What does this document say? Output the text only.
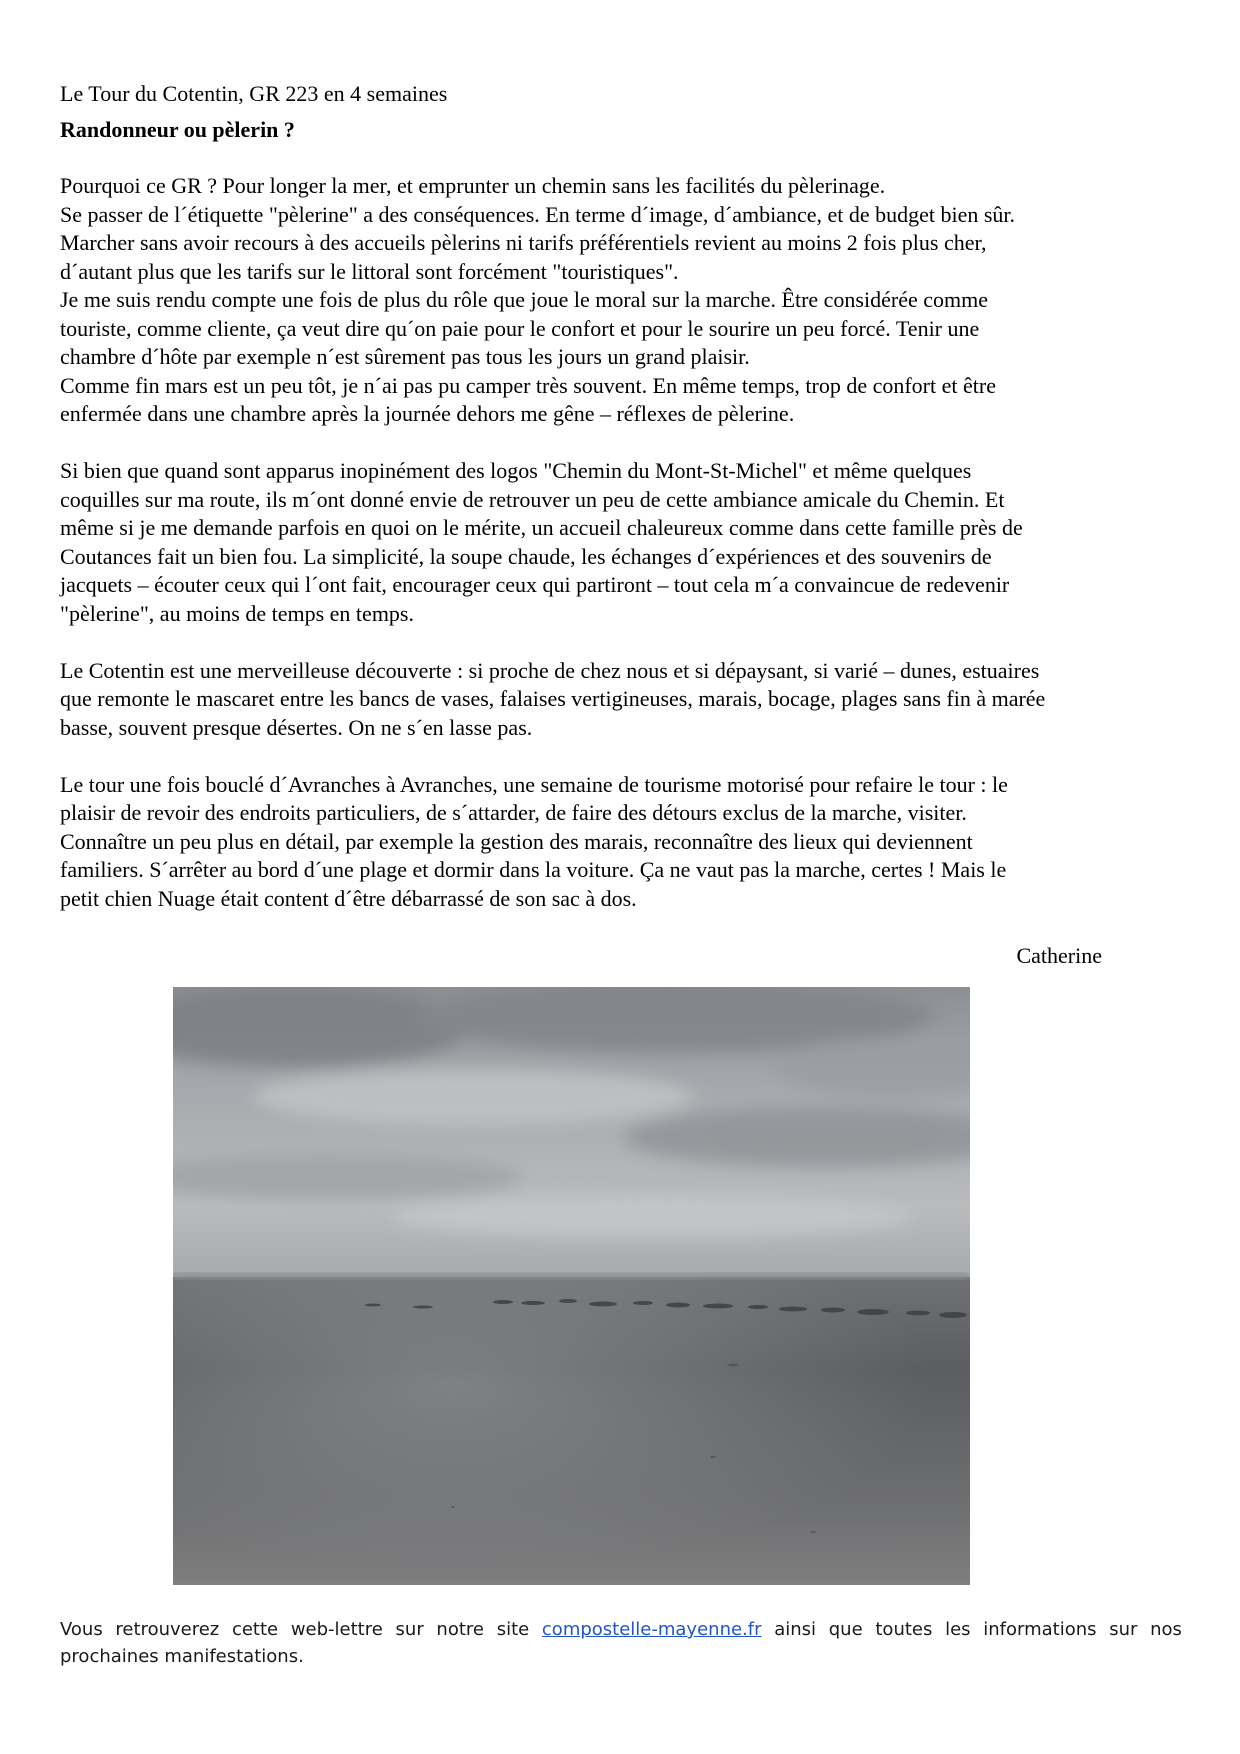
Le Tour du Cotentin, GR 223 en 4 semaines

Randonneur ou pèlerin ?

Pourquoi ce GR ? Pour longer la mer, et emprunter un chemin sans les facilités du pèlerinage.
Se passer de l´étiquette "pèlerine" a des conséquences. En terme d´image, d´ambiance, et de budget bien sûr.
Marcher sans avoir recours à des accueils pèlerins ni tarifs préférentiels revient au moins 2 fois plus cher,
d´autant plus que les tarifs sur le littoral sont forcément "touristiques".
Je me suis rendu compte une fois de plus du rôle que joue le moral sur la marche. Être considérée comme
touriste, comme cliente, ça veut dire qu´on paie pour le confort et pour le sourire un peu forcé. Tenir une
chambre d´hôte par exemple n´est sûrement pas tous les jours un grand plaisir.
Comme fin mars est un peu tôt, je n´ai pas pu camper très souvent. En même temps, trop de confort et être
enfermée dans une chambre après la journée dehors me gêne – réflexes de pèlerine.

Si bien que quand sont apparus inopinément des logos "Chemin du Mont-St-Michel" et même quelques
coquilles sur ma route, ils m´ont donné envie de retrouver un peu de cette ambiance amicale du Chemin. Et
même si je me demande parfois en quoi on le mérite, un accueil chaleureux comme dans cette famille près de
Coutances fait un bien fou. La simplicité, la soupe chaude, les échanges d´expériences et des souvenirs de
jacquets – écouter ceux qui l´ont fait, encourager ceux qui partiront – tout cela m´a convaincue de redevenir
"pèlerine", au moins de temps en temps.

Le Cotentin est une merveilleuse découverte : si proche de chez nous et si dépaysant, si varié – dunes, estuaires
que remonte le mascaret entre les bancs de vases, falaises vertigineuses, marais, bocage, plages sans fin à marée
basse, souvent presque désertes. On ne s´en lasse pas.

Le tour une fois bouclé d´Avranches à Avranches, une semaine de tourisme motorisé pour refaire le tour : le
plaisir de revoir des endroits particuliers, de s´attarder, de faire des détours exclus de la marche, visiter.
Connaître un peu plus en détail, par exemple la gestion des marais, reconnaître des lieux qui deviennent
familiers. S´arrêter au bord d´une plage et dormir dans la voiture. Ça ne vaut pas la marche, certes ! Mais le
petit chien Nuage était content d´être débarrassé de son sac à dos.

Catherine

Vous retrouverez cette web-lettre sur notre site compostelle-mayenne.fr ainsi que toutes les informations sur nos
prochaines manifestations.
